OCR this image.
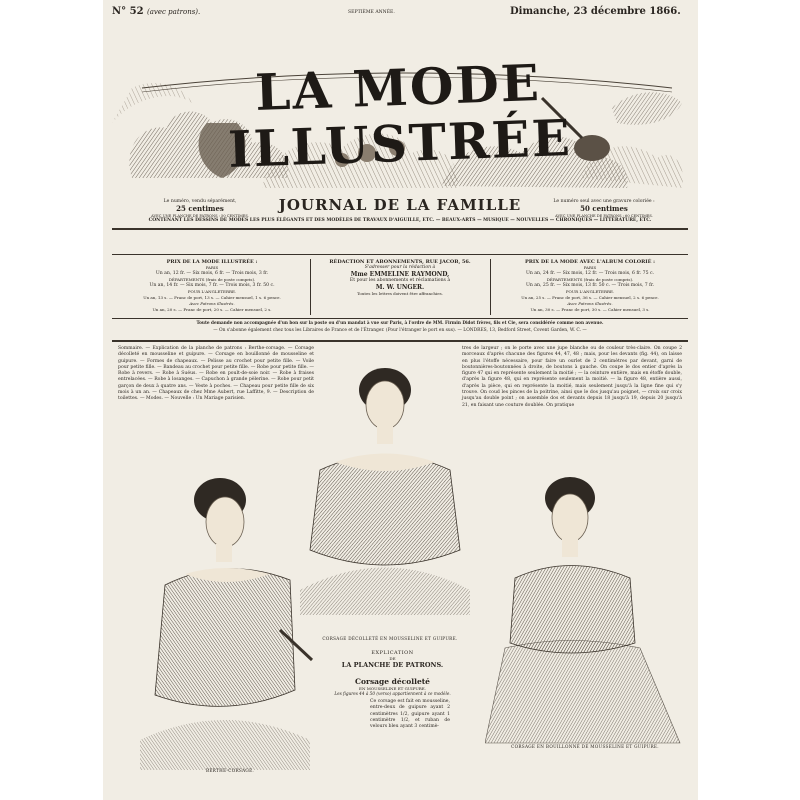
N° 52 (avec patrons).	SEPTIÈME ANNÉE.	Dimanche, 23 décembre 1866.
LA MODE ILLUSTRÉE
Le numéro, vendu séparément,
25 centimes
AVEC UNE PLANCHE DE PATRONS : 50 CENTIMES.
JOURNAL DE LA FAMILLE	Le numéro seul avec une gravure coloriée :
50 centimes
AVEC UNE PLANCHE DE PATRONS : 60 CENTIMES.
CONTENANT LES DESSINS DE MODES LES PLUS ÉLÉGANTS ET DES MODÈLES DE TRAVAUX D'AIGUILLE, ETC. — BEAUX-ARTS — MUSIQUE — NOUVELLES — CHRONIQUES — LITTÉRATURE, ETC.
PRIX DE LA MODE ILLUSTRÉE :
PARIS
Un an, 12 fr. — Six mois, 6 fr. — Trois mois, 3 fr.
DÉPARTEMENTS (frais de poste compris).
Un an, 14 fr. — Six mois, 7 fr. — Trois mois, 3 fr. 50 c.
POUR L'ANGLETERRE.
Un an, 13 s. — Franc de port, 13 s. — Cahier mensuel, 1 s. 6 pence.
Avec Patrons illustrés.
Un an, 20 s. — Franc de port, 20 s. — Cahier mensuel, 2 s.
RÉDACTION ET ABONNEMENTS, RUE JACOB, 56.
S'adresser pour la rédaction à
Mme EMMELINE RAYMOND,
Et pour les abonnements et réclamations à
M. W. UNGER.
Toutes les lettres doivent être affranchies.
PRIX DE LA MODE AVEC L'ALBUM COLORIÉ :
PARIS
Un an, 24 fr. — Six mois, 12 fr. — Trois mois, 6 fr. 75 c.
DÉPARTEMENTS (frais de poste compris).
Un an, 25 fr. — Six mois, 13 fr. 50 c. — Trois mois, 7 fr.
POUR L'ANGLETERRE.
Un an, 25 s. — Franc de port, 36 s. — Cahier mensuel, 2 s. 6 pence.
Avec Patrons illustrés.
Un an, 30 s. — Franc de port, 30 s. — Cahier mensuel, 3 s.
Toute demande non accompagnée d'un bon sur la poste ou d'un mandat à vue sur Paris, à l'ordre de MM. Firmin Didot frères, fils et Cie, sera considérée comme non avenue.
— On s'abonne également chez tous les Libraires de France et de l'Étranger. (Pour l'étranger le port en sus). — LONDRES, 13, Bedford Street, Covent Garden, W. C. —
Sommaire. — Explication de la planche de patrons : Berthe-corsage. — Corsage décolleté en mousseline et guipure. — Corsage en bouillonné de mousseline et guipure. — Formes de chapeaux. — Pelisse au crochet pour petite fille. — Voile pour petite fille. — Bandeau au crochet pour petite fille. — Robe pour petite fille. — Robe à revers. — Robe à Suéus. — Robe en poult-de-soie noir. — Robe à fraises entrelacées. — Robe à losanges. — Capuchon à grande pèlerine. — Robe pour petit garçon de deux à quatre ans. — Veste à poches. — Chapeau pour petite fille de six mois à un an. — Chapeaux de chez Mme Aubert, rue Laffitte, 9. — Description de toilettes. — Modes. — Nouvelle : Un Mariage parisien.
tres de largeur ; on le porte avec une jupe blanche ou de couleur très-claire. On coupe 2 morceaux d'après chacune des figures 44, 47, 48 ; mais, pour les devants (fig. 44), on laisse en plus l'étoffe nécessaire, pour faire un ourlet de 2 centimètres par devant, garni de boutonnières-boutonnées à droite, de boutons à gauche. On coupe le dos entier d'après la figure 47 qui en représente seulement la moitié ; — la ceinture entière, mais en étoffe double, d'après la figure 48, qui en représente seulement la moitié. — la figure 48, entière aussi, d'après la pièce, qui en représente la moitié, mais seulement jusqu'à la ligne fine qui s'y trouve. On coud les pinces de la poitrine, ainsi que le dos jusqu'au poignet, — croix sur croix jusqu'au double point ; on assemble dos et devants depuis 18 jusqu'à 19, depuis 20 jusqu'à 21, en faisant une couture doublée. On pratique
CORSAGE DÉCOLLETÉ EN MOUSSELINE ET GUIPURE.
BERTHE-CORSAGE.
CORSAGE EN BOUILLONNÉ DE MOUSSELINE ET GUIPURE.
EXPLICATION
DE
LA PLANCHE DE PATRONS.
Corsage décolleté
EN MOUSSELINE ET GUIPURE.
Les figures 44 à 50 (verso) appartiennent à ce modèle.
Ce corsage est fait en mousseline, entre-deux de guipure ayant 2 centimètres 1/2, guipure ayant 1 centimètre 1/2, et ruban de velours bleu ayant 3 centimè-
